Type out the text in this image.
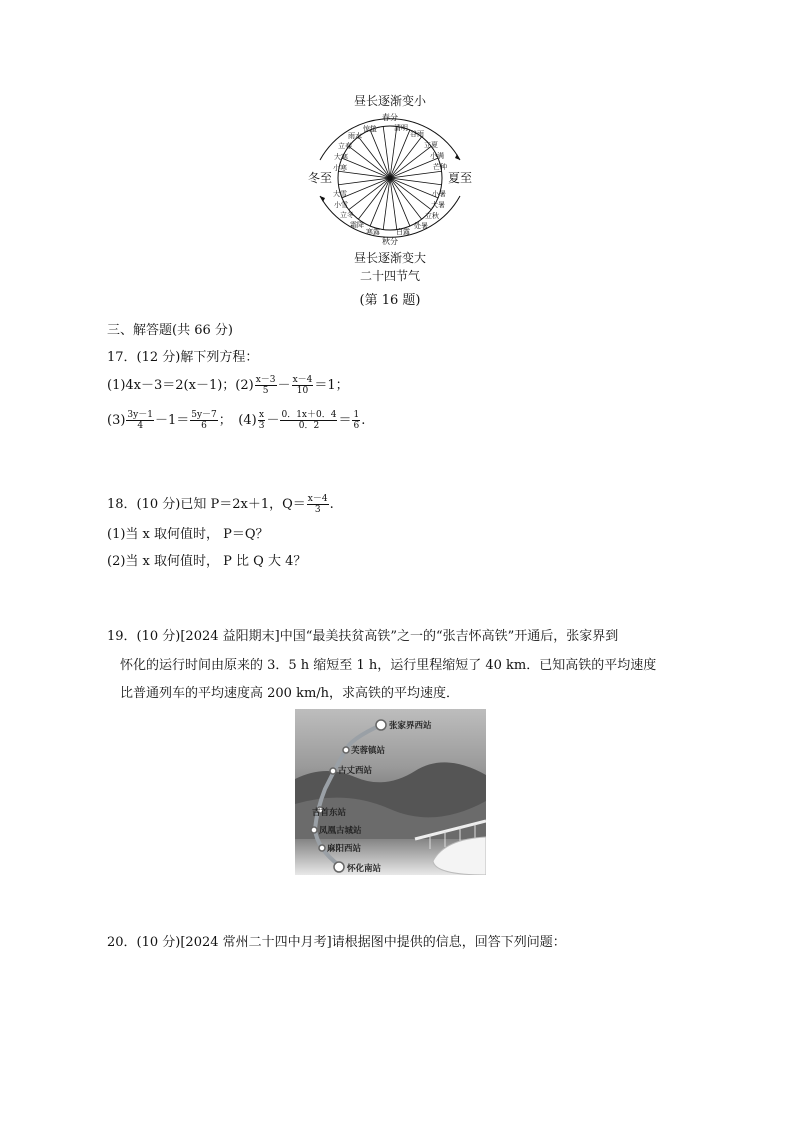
昼长逐渐变小
冬至	夏至
春分
清明
谷雨
立夏
小满
芒种
小暑
大暑
立秋
处暑
白露
秋分
寒露
霜降
立冬
小雪
大雪
小寒
大寒
立春
雨水
惊蛰
昼长逐渐变大
二十四节气
(第 16 题)
三、解答题(共 66 分)
17．(12 分)解下列方程：
(1)4x－3＝2(x－1)；$(2) \frac{x-3}{5} - \frac{x-4}{10} =1$；
$(3) \frac{3y-1}{4} -1= \frac{5y-7}{6}$ ；　$(4) \frac{x}{3} - \frac{0.1x+0.4}{0.2} = \frac{1}{6}$ .
18．(10 分)已知 P＝2x＋1，$Q= \frac{x-4}{3}$ .
(1)当 x 取何值时， P＝Q？
(2)当 x 取何值时， P 比 Q 大 4？
19．(10 分)[2024 益阳期末]中国“最美扶贫高铁”之一的“张吉怀高铁”开通后，张家界到
怀化的运行时间由原来的 3．5 h 缩短至 1 h，运行里程缩短了 40 km．已知高铁的平均速度
比普通列车的平均速度高 200 km/h，求高铁的平均速度．
张家界西站
芙蓉镇站
古丈西站
吉首东站
凤凰古城站
麻阳西站
怀化南站
20．(10 分)[2024 常州二十四中月考]请根据图中提供的信息，回答下列问题：
